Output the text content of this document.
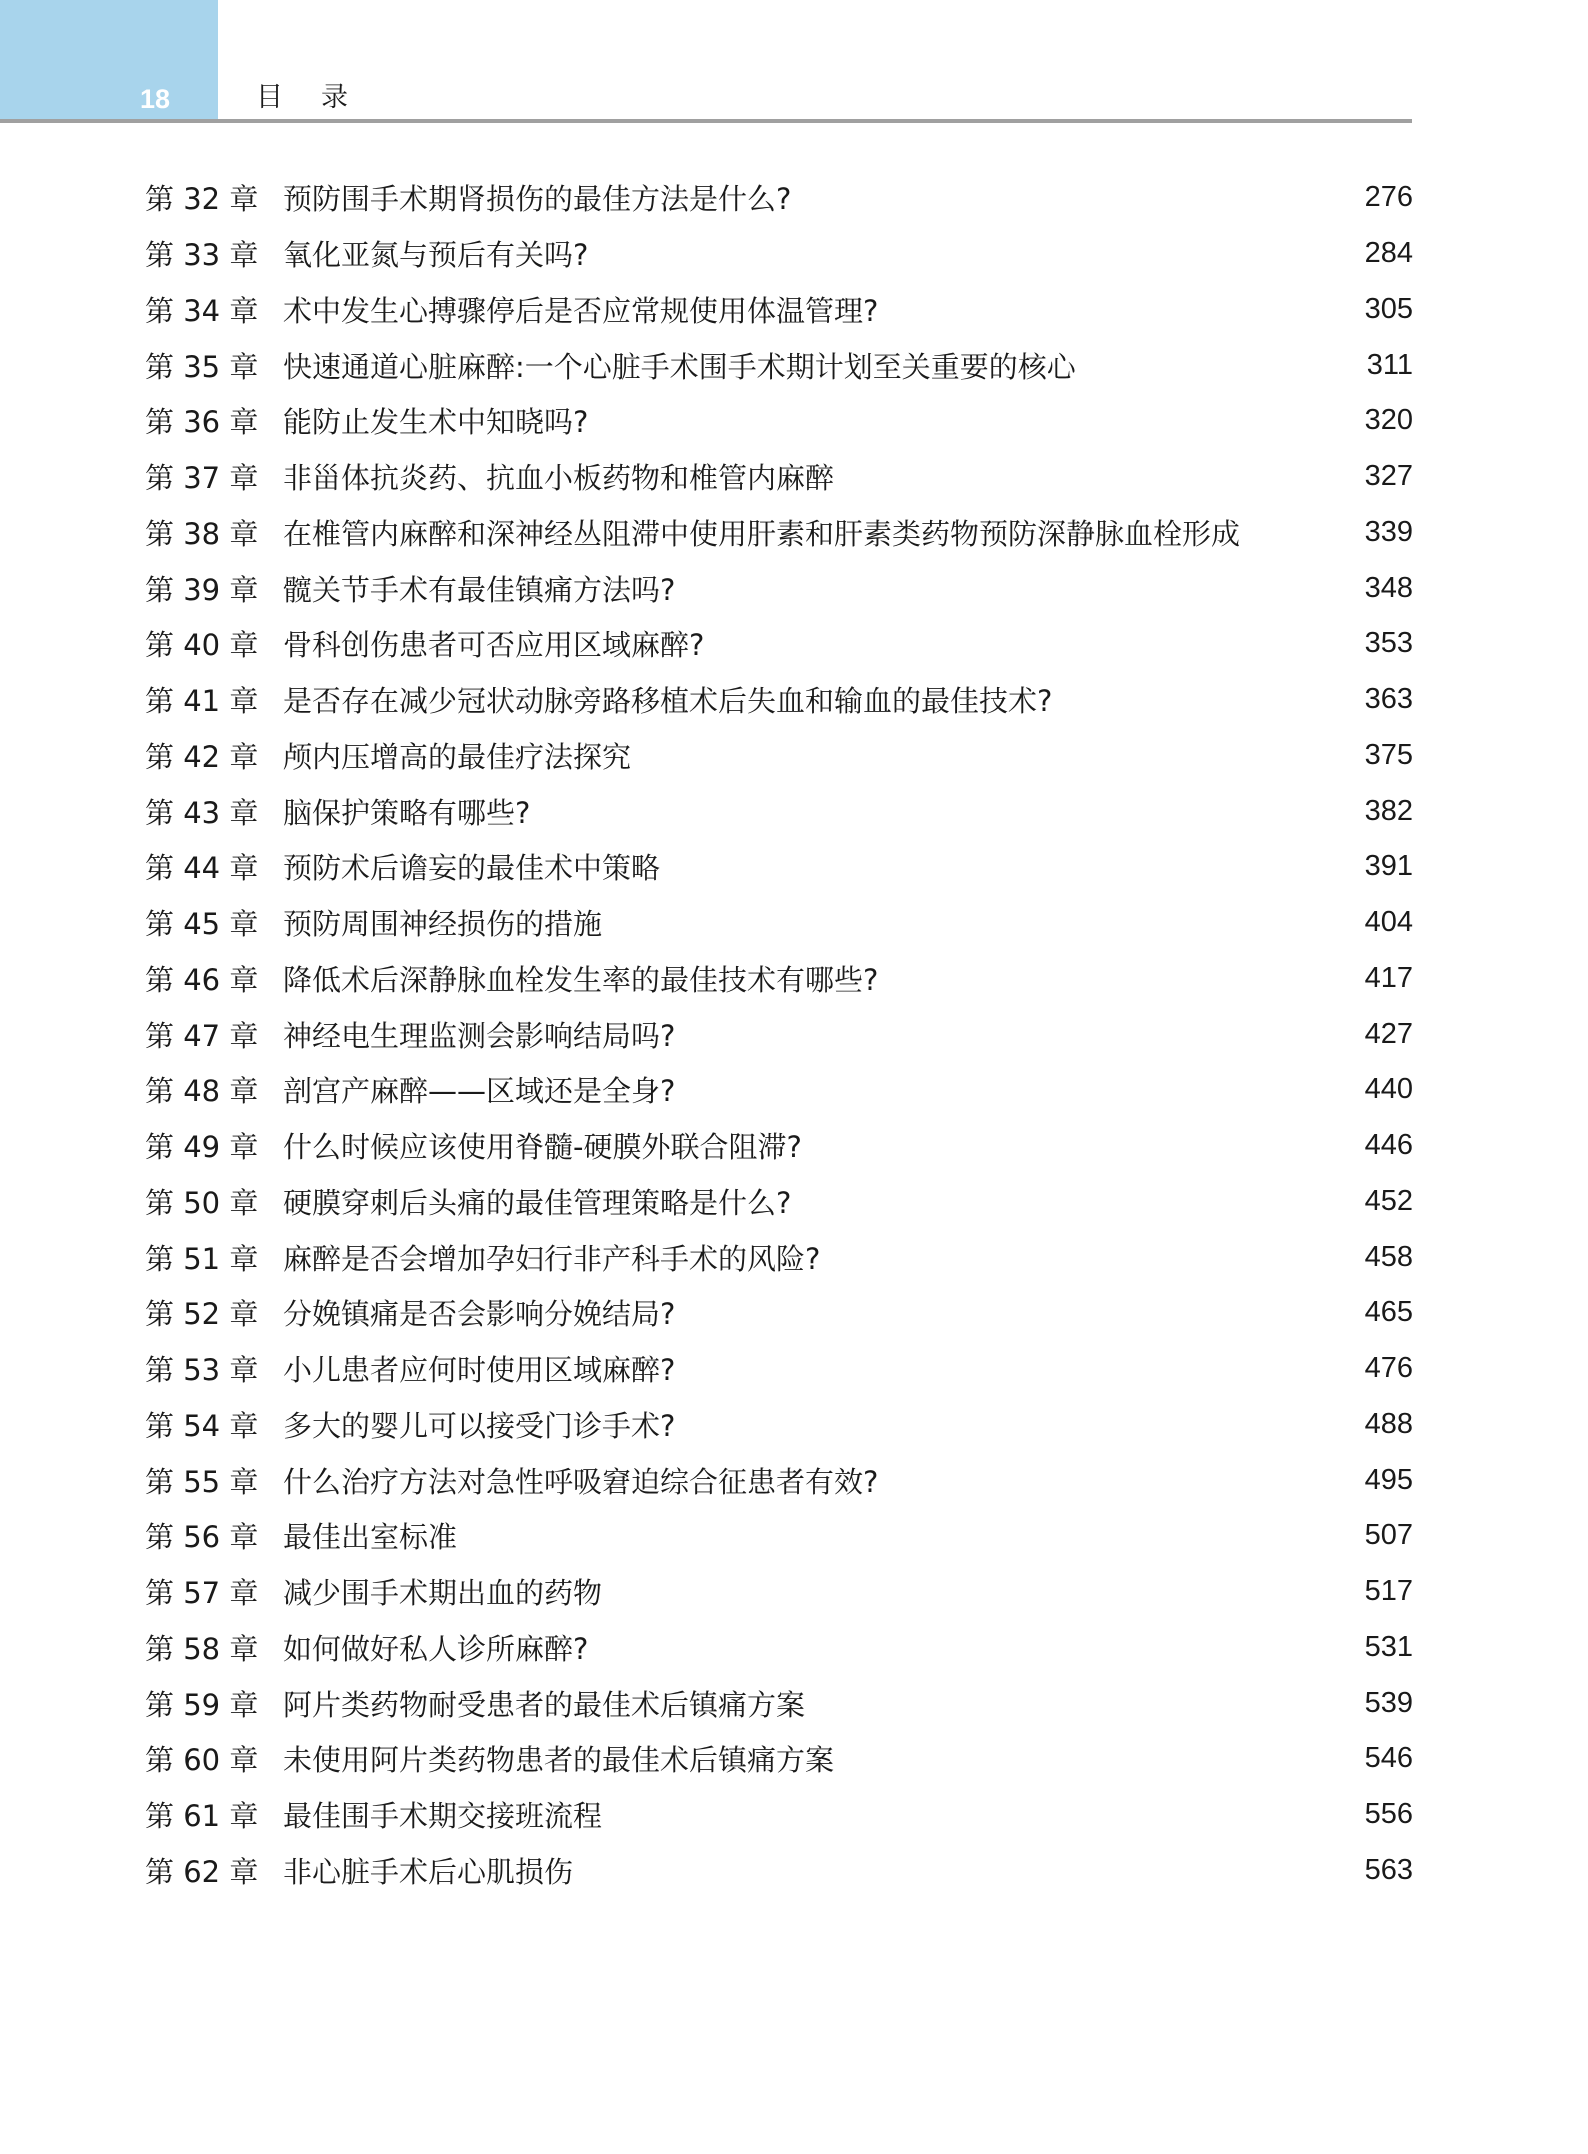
18	目录
第 32 章 预防围手术期肾损伤的最佳方法是什么?	276
第 33 章 氧化亚氮与预后有关吗?	284
第 34 章 术中发生心搏骤停后是否应常规使用体温管理?	305
第 35 章 快速通道心脏麻醉:一个心脏手术围手术期计划至关重要的核心	311
第 36 章 能防止发生术中知晓吗?	320
第 37 章 非甾体抗炎药、抗血小板药物和椎管内麻醉	327
第 38 章 在椎管内麻醉和深神经丛阻滞中使用肝素和肝素类药物预防深静脉血栓形成	339
第 39 章 髋关节手术有最佳镇痛方法吗?	348
第 40 章 骨科创伤患者可否应用区域麻醉?	353
第 41 章 是否存在减少冠状动脉旁路移植术后失血和输血的最佳技术?	363
第 42 章 颅内压增高的最佳疗法探究	375
第 43 章 脑保护策略有哪些?	382
第 44 章 预防术后谵妄的最佳术中策略	391
第 45 章 预防周围神经损伤的措施	404
第 46 章 降低术后深静脉血栓发生率的最佳技术有哪些?	417
第 47 章 神经电生理监测会影响结局吗?	427
第 48 章 剖宫产麻醉——区域还是全身?	440
第 49 章 什么时候应该使用脊髓-硬膜外联合阻滞?	446
第 50 章 硬膜穿刺后头痛的最佳管理策略是什么?	452
第 51 章 麻醉是否会增加孕妇行非产科手术的风险?	458
第 52 章 分娩镇痛是否会影响分娩结局?	465
第 53 章 小儿患者应何时使用区域麻醉?	476
第 54 章 多大的婴儿可以接受门诊手术?	488
第 55 章 什么治疗方法对急性呼吸窘迫综合征患者有效?	495
第 56 章 最佳出室标准	507
第 57 章 减少围手术期出血的药物	517
第 58 章 如何做好私人诊所麻醉?	531
第 59 章 阿片类药物耐受患者的最佳术后镇痛方案	539
第 60 章 未使用阿片类药物患者的最佳术后镇痛方案	546
第 61 章 最佳围手术期交接班流程	556
第 62 章 非心脏手术后心肌损伤	563
